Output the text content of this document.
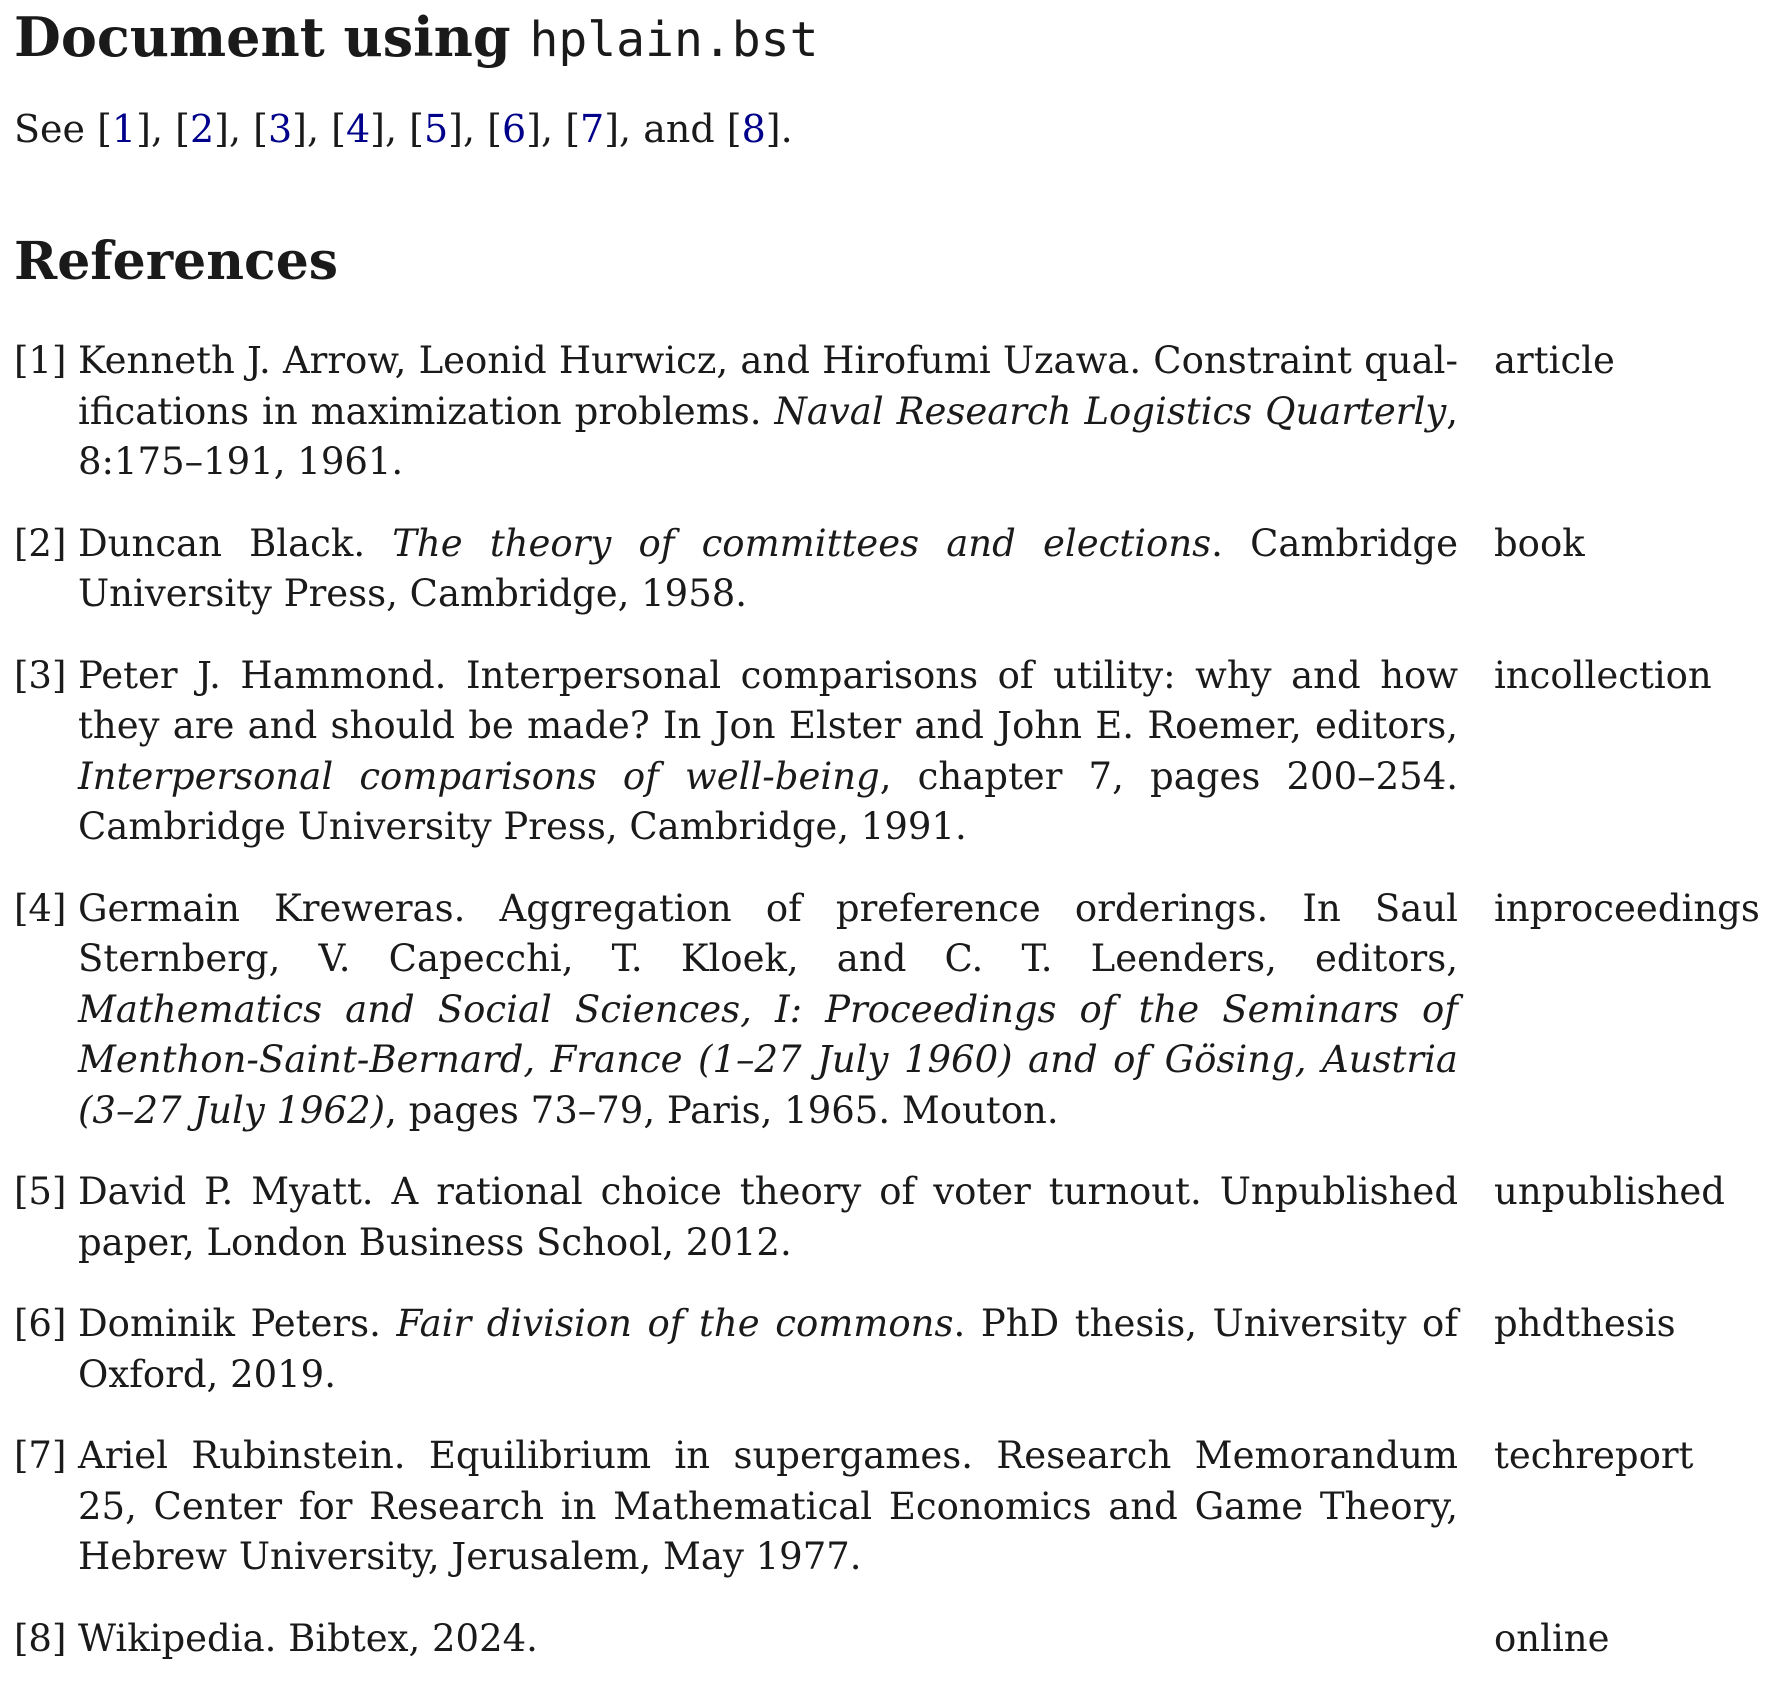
Document using hplain.bst

See [1], [2], [3], [4], [5], [6], [7], and [8].

References
[1] Kenneth J. Arrow, Leonid Hurwicz, and Hirofumi Uzawa. Constraint qualifications in maximization problems. Naval Research Logistics Quarterly, 8:175–191, 1961.
article
[2] Duncan Black. The theory of committees and elections. Cambridge University Press, Cambridge, 1958.
book
[3] Peter J. Hammond. Interpersonal comparisons of utility: why and how they are and should be made? In Jon Elster and John E. Roemer, editors, Interpersonal comparisons of well-being, chapter 7, pages 200–254. Cambridge University Press, Cambridge, 1991.
incollection
[4] Germain Kreweras. Aggregation of preference orderings. In Saul Sternberg, V. Capecchi, T. Kloek, and C. T. Leenders, editors, Mathematics and Social Sciences, I: Proceedings of the Seminars of Menthon-Saint-Bernard, France (1–27 July 1960) and of Gösing, Austria (3–27 July 1962), pages 73–79, Paris, 1965. Mouton.
inproceedings
[5] David P. Myatt. A rational choice theory of voter turnout. Unpublished paper, London Business School, 2012.
unpublished
[6] Dominik Peters. Fair division of the commons. PhD thesis, University of Oxford, 2019.
phdthesis
[7] Ariel Rubinstein. Equilibrium in supergames. Research Memorandum 25, Center for Research in Mathematical Economics and Game Theory, Hebrew University, Jerusalem, May 1977.
techreport
[8] Wikipedia. Bibtex, 2024.	online
